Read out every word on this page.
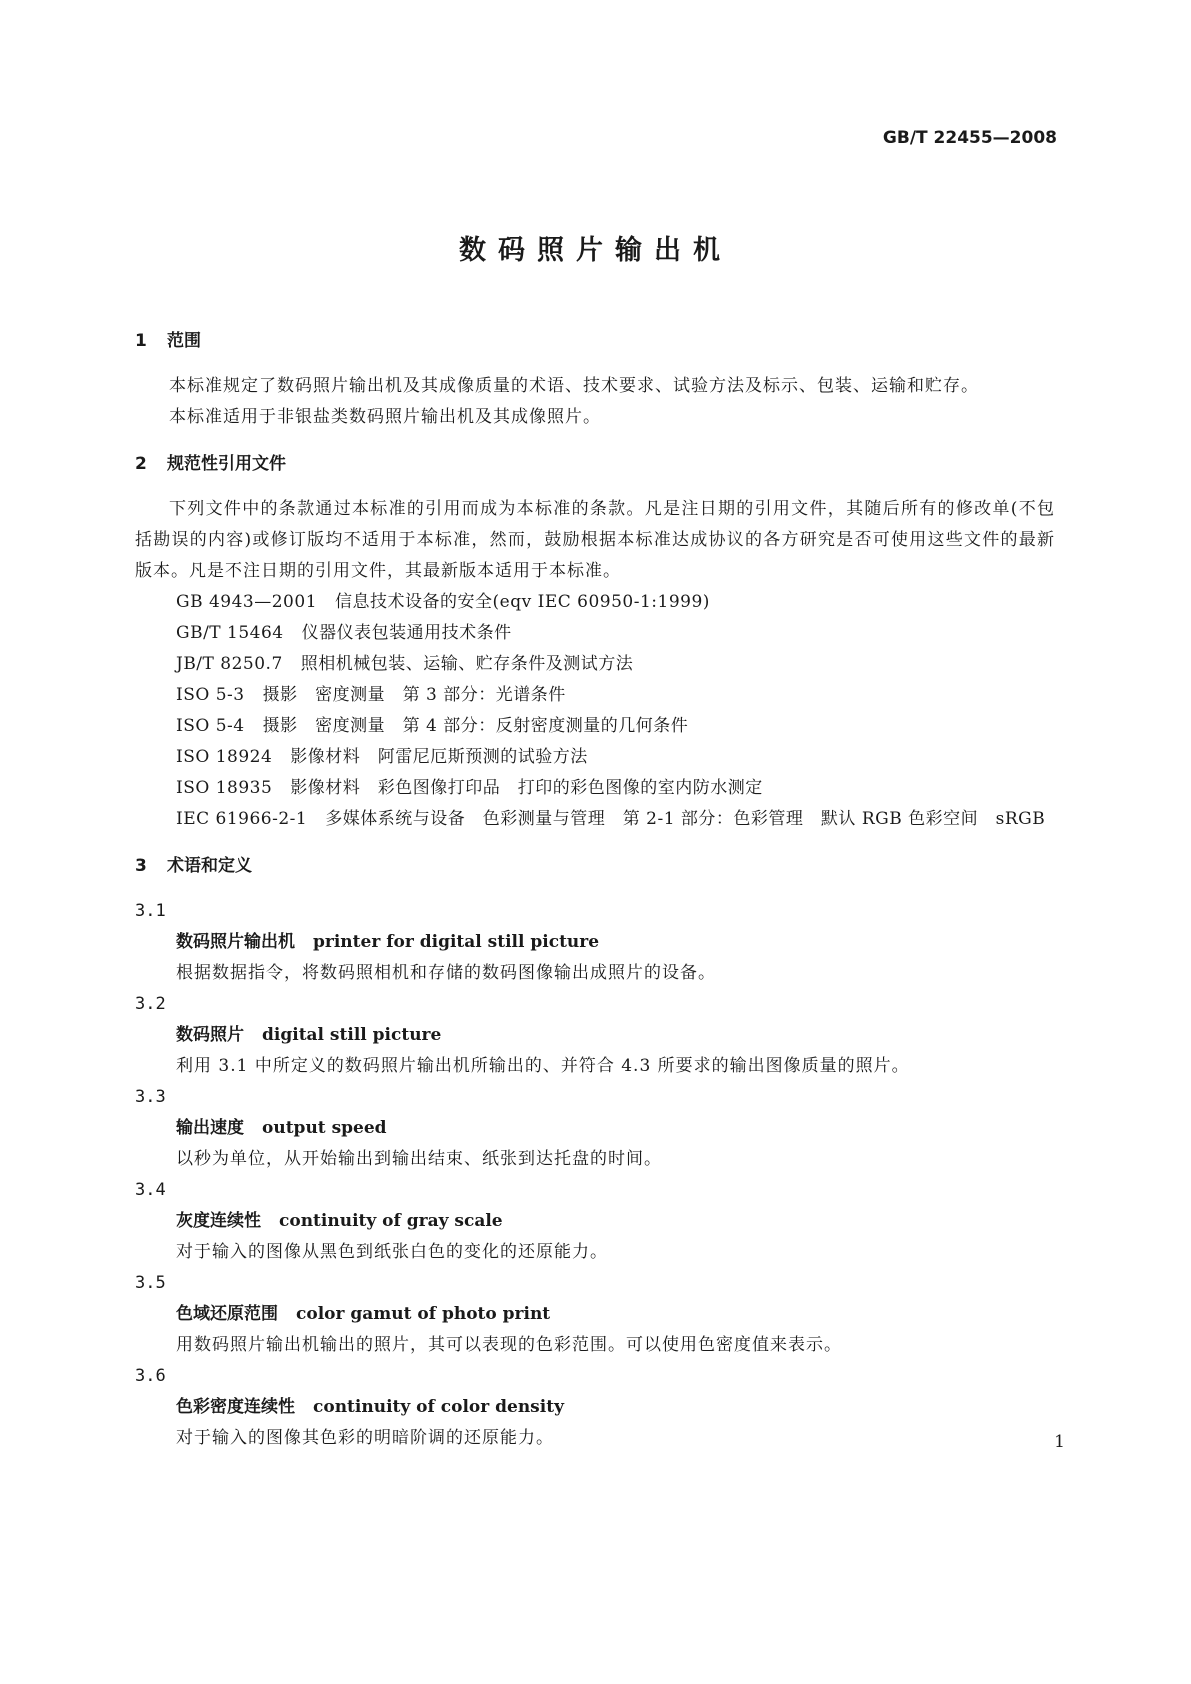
GB/T 22455—2008
数码照片输出机
1 范围

本标准规定了数码照片输出机及其成像质量的术语、技术要求、试验方法及标示、包装、运输和贮存。

本标准适用于非银盐类数码照片输出机及其成像照片。

2 规范性引用文件

下列文件中的条款通过本标准的引用而成为本标准的条款。凡是注日期的引用文件，其随后所有的修改单(不包括勘误的内容)或修订版均不适用于本标准，然而，鼓励根据本标准达成协议的各方研究是否可使用这些文件的最新版本。凡是不注日期的引用文件，其最新版本适用于本标准。

GB 4943—2001 信息技术设备的安全(eqv IEC 60950-1:1999)

GB/T 15464 仪器仪表包装通用技术条件

JB/T 8250.7 照相机械包装、运输、贮存条件及测试方法

ISO 5-3 摄影　密度测量　第 3 部分：光谱条件

ISO 5-4 摄影　密度测量　第 4 部分：反射密度测量的几何条件

ISO 18924 影像材料　阿雷尼厄斯预测的试验方法

ISO 18935 影像材料　彩色图像打印品　打印的彩色图像的室内防水测定

IEC 61966-2-1 多媒体系统与设备　色彩测量与管理　第 2-1 部分：色彩管理　默认 RGB 色彩空间　sRGB

3 术语和定义

3.1

数码照片输出机 printer for digital still picture

根据数据指令，将数码照相机和存储的数码图像输出成照片的设备。

3.2

数码照片 digital still picture

利用 3.1 中所定义的数码照片输出机所输出的、并符合 4.3 所要求的输出图像质量的照片。

3.3

输出速度 output speed

以秒为单位，从开始输出到输出结束、纸张到达托盘的时间。

3.4

灰度连续性 continuity of gray scale

对于输入的图像从黑色到纸张白色的变化的还原能力。

3.5

色域还原范围 color gamut of photo print

用数码照片输出机输出的照片，其可以表现的色彩范围。可以使用色密度值来表示。

3.6

色彩密度连续性 continuity of color density

对于输入的图像其色彩的明暗阶调的还原能力。	1
